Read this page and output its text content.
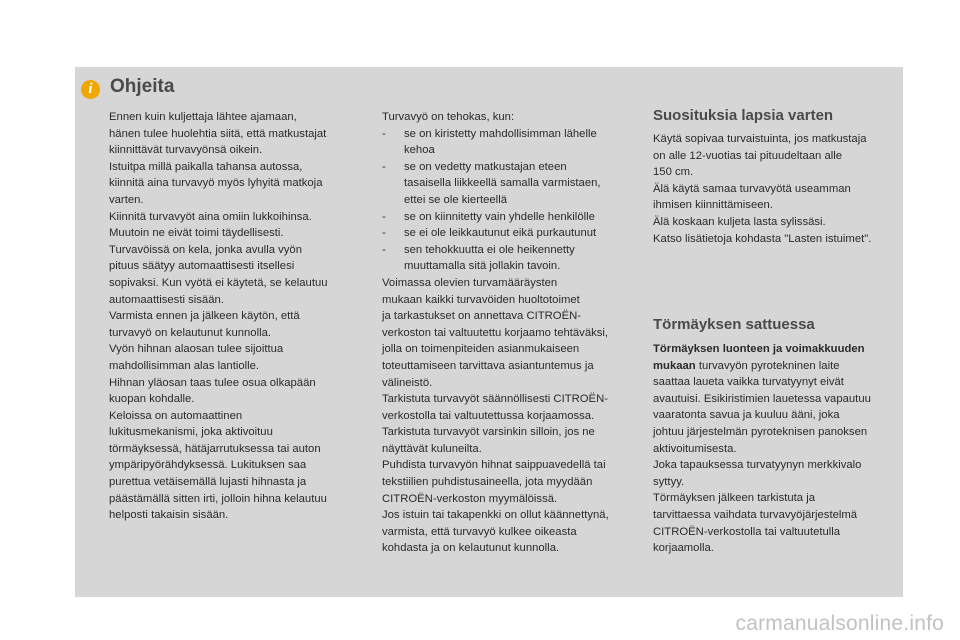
i Ohjeita

Ennen kuin kuljettaja lähtee ajamaan,

hänen tulee huolehtia siitä, että matkustajat

kiinnittävät turvavyönsä oikein.

Istuitpa millä paikalla tahansa autossa,

kiinnitä aina turvavyö myös lyhyitä matkoja

varten.

Kiinnitä turvavyöt aina omiin lukkoihinsa.

Muutoin ne eivät toimi täydellisesti.

Turvavöissä on kela, jonka avulla vyön

pituus säätyy automaattisesti itsellesi

sopivaksi. Kun vyötä ei käytetä, se kelautuu

automaattisesti sisään.

Varmista ennen ja jälkeen käytön, että

turvavyö on kelautunut kunnolla.

Vyön hihnan alaosan tulee sijoittua

mahdollisimman alas lantiolle.

Hihnan yläosan taas tulee osua olkapään

kuopan kohdalle.

Keloissa on automaattinen

lukitusmekanismi, joka aktivoituu

törmäyksessä, hätäjarrutuksessa tai auton

ympäripyörähdyksessä. Lukituksen saa

purettua vetäisemällä lujasti hihnasta ja

päästämällä sitten irti, jolloin hihna kelautuu

helposti takaisin sisään.

Turvavyö on tehokas, kun:

-	se on kiristetty mahdollisimman lähelle

kehoa

-	se on vedetty matkustajan eteen

tasaisella liikkeellä samalla varmistaen,

ettei se ole kierteellä

-	se on kiinnitetty vain yhdelle henkilölle

-	se ei ole leikkautunut eikä purkautunut

-	sen tehokkuutta ei ole heikennetty

muuttamalla sitä jollakin tavoin.

Voimassa olevien turvamääräysten

mukaan kaikki turvavöiden huoltotoimet

ja tarkastukset on annettava CITROËN-

verkoston tai valtuutettu korjaamo tehtäväksi,

jolla on toimenpiteiden asianmukaiseen

toteuttamiseen tarvittava asiantuntemus ja

välineistö.

Tarkistuta turvavyöt säännöllisesti CITROËN-

verkostolla tai valtuutettussa korjaamossa.

Tarkistuta turvavyöt varsinkin silloin, jos ne

näyttävät kuluneilta.

Puhdista turvavyön hihnat saippuavedellä tai

tekstiilien puhdistusaineella, jota myydään

CITROËN-verkoston myymälöissä.

Jos istuin tai takapenkki on ollut käännettynä,

varmista, että turvavyö kulkee oikeasta

kohdasta ja on kelautunut kunnolla.

Suosituksia lapsia varten

Käytä sopivaa turvaistuinta, jos matkustaja

on alle 12-vuotias tai pituudeltaan alle

150 cm.

Älä käytä samaa turvavyötä useamman

ihmisen kiinnittämiseen.

Älä koskaan kuljeta lasta sylissäsi.

Katso lisätietoja kohdasta "Lasten istuimet".

Törmäyksen sattuessa

Törmäyksen luonteen ja voimakkuuden

mukaan turvavyön pyrotekninen laite

saattaa laueta vaikka turvatyynyt eivät

avautuisi. Esikiristimien lauetessa vapautuu

vaaratonta savua ja kuuluu ääni, joka

johtuu järjestelmän pyroteknisen panoksen

aktivoitumisesta.

Joka tapauksessa turvatyynyn merkkivalo

syttyy.

Törmäyksen jälkeen tarkistuta ja

tarvittaessa vaihdata turvavyöjärjestelmä

CITROËN-verkostolla tai valtuutetulla

korjaamolla.

carmanualsonline.info
